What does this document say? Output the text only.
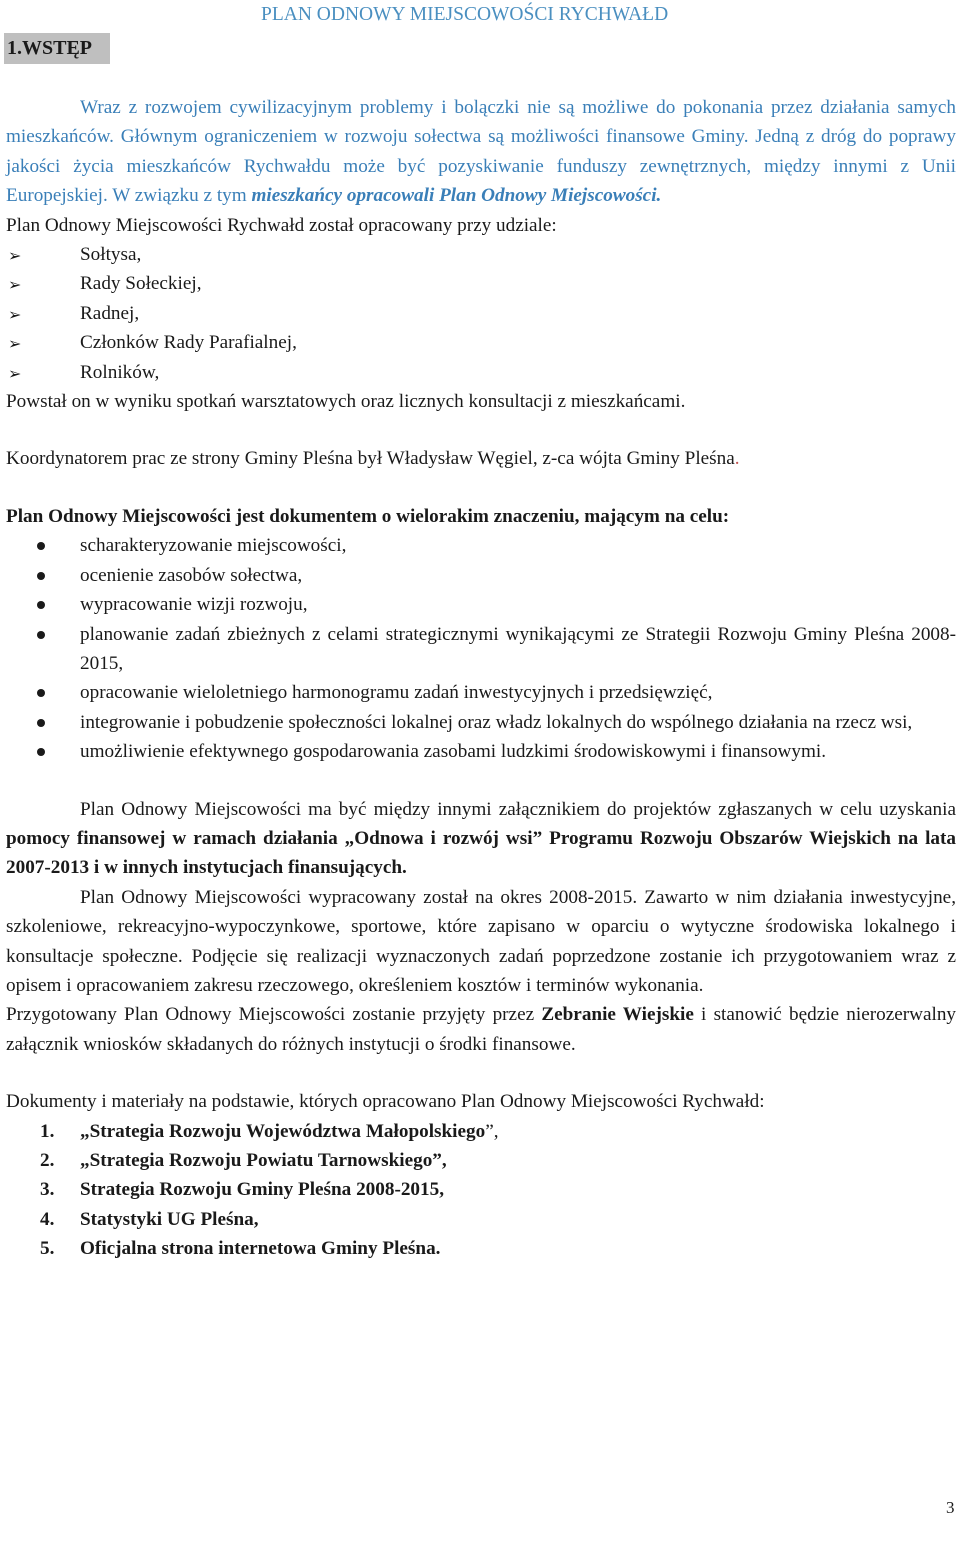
PLAN ODNOWY MIEJSCOWOŚCI RYCHWAŁD
1.WSTĘP

Wraz z rozwojem cywilizacyjnym problemy i bolączki nie są możliwe do pokonania przez działania samych mieszkańców. Głównym ograniczeniem w rozwoju sołectwa są możliwości finansowe Gminy. Jedną z dróg do poprawy jakości życia mieszkańców Rychwałdu może być pozyskiwanie funduszy zewnętrznych, między innymi z Unii Europejskiej. W związku z tym mieszkańcy opracowali Plan Odnowy Miejscowości.

Plan Odnowy Miejscowości Rychwałd został opracowany przy udziale:

➢	Sołtysa,
➢	Rady Sołeckiej,
➢	Radnej,
➢	Członków Rady Parafialnej,
➢	Rolników,

Powstał on w wyniku spotkań warsztatowych oraz licznych konsultacji z mieszkańcami.

Koordynatorem prac ze strony Gminy Pleśna był Władysław Węgiel, z-ca wójta Gminy Pleśna.

Plan Odnowy Miejscowości jest dokumentem o wielorakim znaczeniu, mającym na celu:

scharakteryzowanie miejscowości,
ocenienie zasobów sołectwa,
wypracowanie wizji rozwoju,
planowanie zadań zbieżnych z celami strategicznymi wynikającymi ze Strategii Rozwoju Gminy Pleśna 2008-2015,
opracowanie wieloletniego harmonogramu zadań inwestycyjnych i przedsięwzięć,
integrowanie i pobudzenie społeczności lokalnej oraz władz lokalnych do wspólnego działania na rzecz wsi,
umożliwienie efektywnego gospodarowania zasobami ludzkimi środowiskowymi i finansowymi.

Plan Odnowy Miejscowości ma być między innymi załącznikiem do projektów zgłaszanych w celu uzyskania pomocy finansowej w ramach działania „Odnowa i rozwój wsi” Programu Rozwoju Obszarów Wiejskich na lata 2007-2013 i w innych instytucjach finansujących.

Plan Odnowy Miejscowości wypracowany został na okres 2008-2015. Zawarto w nim działania inwestycyjne, szkoleniowe, rekreacyjno-wypoczynkowe, sportowe, które zapisano w oparciu o wytyczne środowiska lokalnego i konsultacje społeczne. Podjęcie się realizacji wyznaczonych zadań poprzedzone zostanie ich przygotowaniem wraz z opisem i opracowaniem zakresu rzeczowego, określeniem kosztów i terminów wykonania.

Przygotowany Plan Odnowy Miejscowości zostanie przyjęty przez Zebranie Wiejskie i stanowić będzie nierozerwalny załącznik wniosków składanych do różnych instytucji o środki finansowe.

Dokumenty i materiały na podstawie, których opracowano Plan Odnowy Miejscowości Rychwałd:

1. „Strategia Rozwoju Województwa Małopolskiego”,
2. „Strategia Rozwoju Powiatu Tarnowskiego”,
3. Strategia Rozwoju Gminy Pleśna 2008-2015,
4. Statystyki UG Pleśna,
5. Oficjalna strona internetowa Gminy Pleśna.
3
